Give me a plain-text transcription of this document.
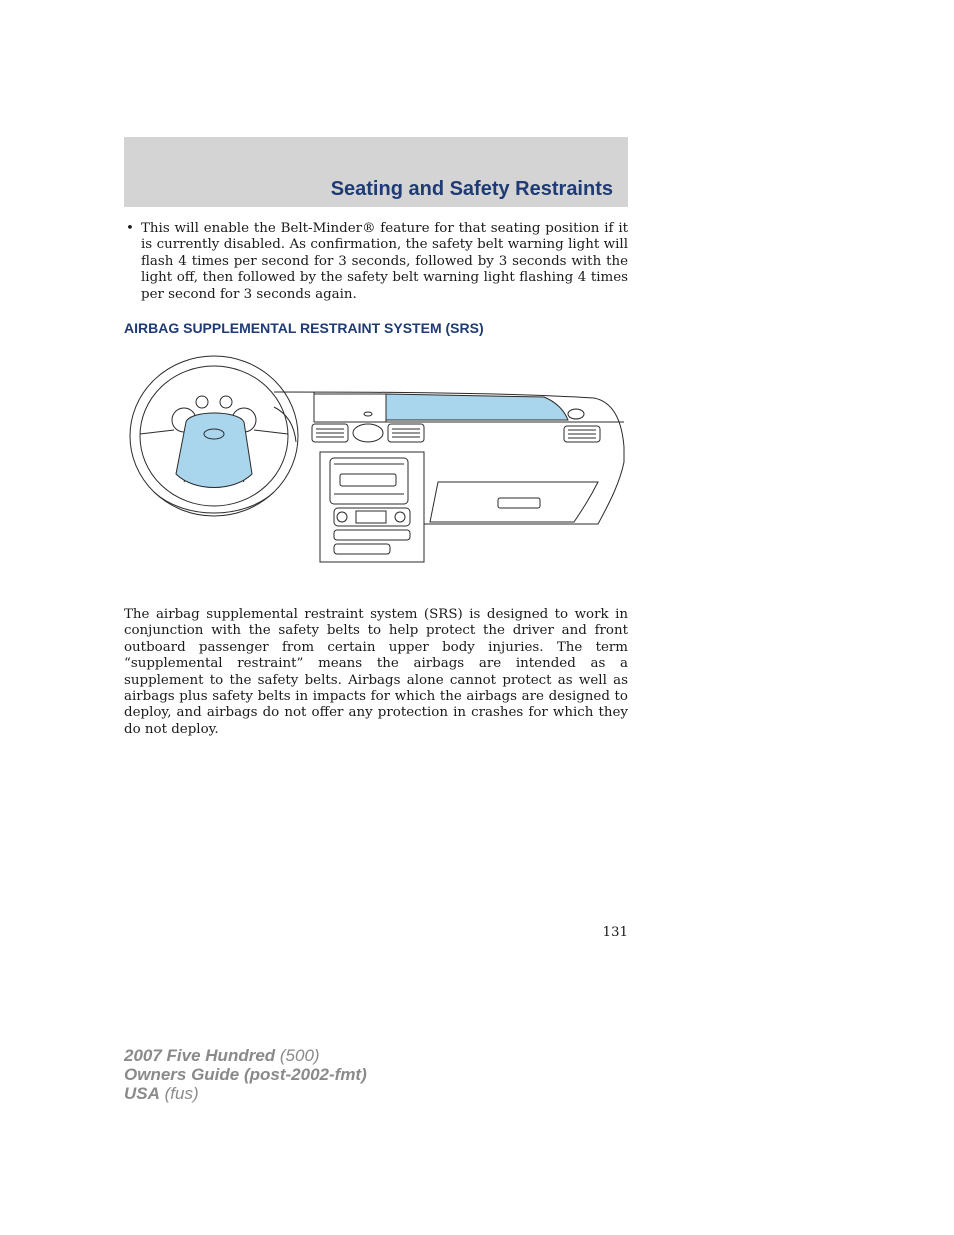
Seating and Safety Restraints
• This will enable the Belt-Minder® feature for that seating position if it is currently disabled. As confirmation, the safety belt warning light will flash 4 times per second for 3 seconds, followed by 3 seconds with the light off, then followed by the safety belt warning light flashing 4 times per second for 3 seconds again.
AIRBAG SUPPLEMENTAL RESTRAINT SYSTEM (SRS)
The airbag supplemental restraint system (SRS) is designed to work in conjunction with the safety belts to help protect the driver and front outboard passenger from certain upper body injuries. The term “supplemental restraint” means the airbags are intended as a supplement to the safety belts. Airbags alone cannot protect as well as airbags plus safety belts in impacts for which the airbags are designed to deploy, and airbags do not offer any protection in crashes for which they do not deploy.
131
2007 Five Hundred (500)
Owners Guide (post-2002-fmt)
USA (fus)
